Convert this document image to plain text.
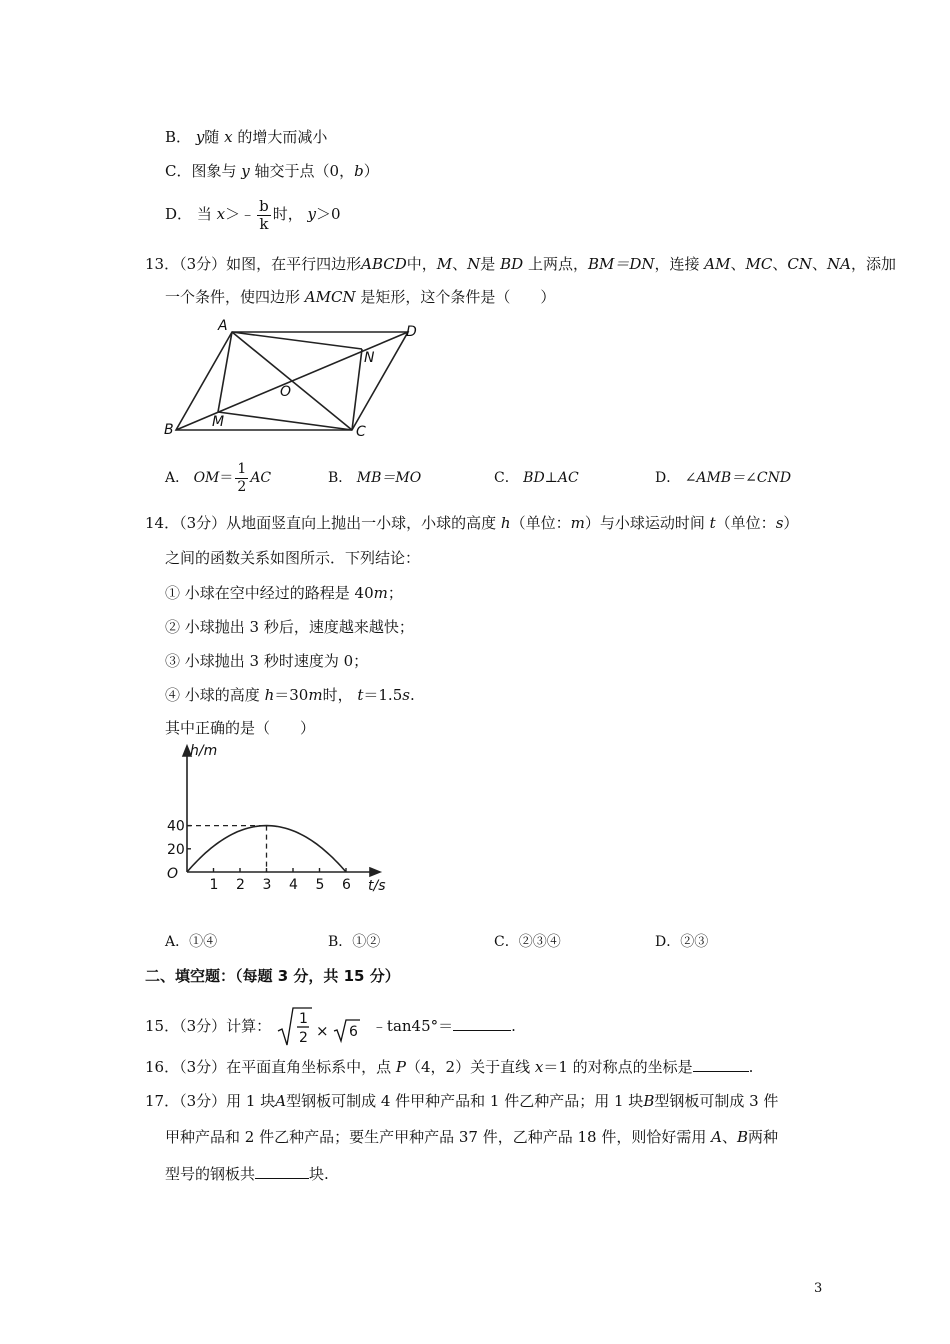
B． y随 x 的增大而减小
C．图象与 y 轴交于点（0，b）
D． 当 x＞﹣ $\frac{b}{k}$ 时， y＞0
13．（3分）如图，在平行四边形ABCD中，M、N是 BD 上两点，BM＝DN，连接 AM、MC、CN、NA，添加
一个条件，使四边形 AMCN 是矩形，这个条件是（　　）
A	D
B	C
M
N
O
A． $OM= \frac{1}{2}$ AC	B． MB＝MO	C． BD⊥AC	D． ∠AMB＝∠CND
14．（3分）从地面竖直向上抛出一小球，小球的高度 h（单位：m）与小球运动时间 t（单位：s）
之间的函数关系如图所示．下列结论：
① 小球在空中经过的路程是 40m；
② 小球抛出 3 秒后，速度越来越快；
③ 小球抛出 3 秒时速度为 0；
④ 小球的高度 h＝30m时， t＝1.5s.
其中正确的是（　　）
1 2 3 4 5 6
20
40
O
t/s
h/m
A．①④	B．①②	C．②③④	D．②③
二、填空题：（每题 3 分，共 15 分）
15．（3分）计算： 1
2 × 6 ﹣tan45°＝	.
16．（3分）在平面直角坐标系中，点 P（4，2）关于直线 x＝1 的对称点的坐标是	.
17．（3分）用 1 块A型钢板可制成 4 件甲种产品和 1 件乙种产品；用 1 块B型钢板可制成 3 件
甲种产品和 2 件乙种产品；要生产甲种产品 37 件，乙种产品 18 件，则恰好需用 A、B两种
型号的钢板共	块.
3
